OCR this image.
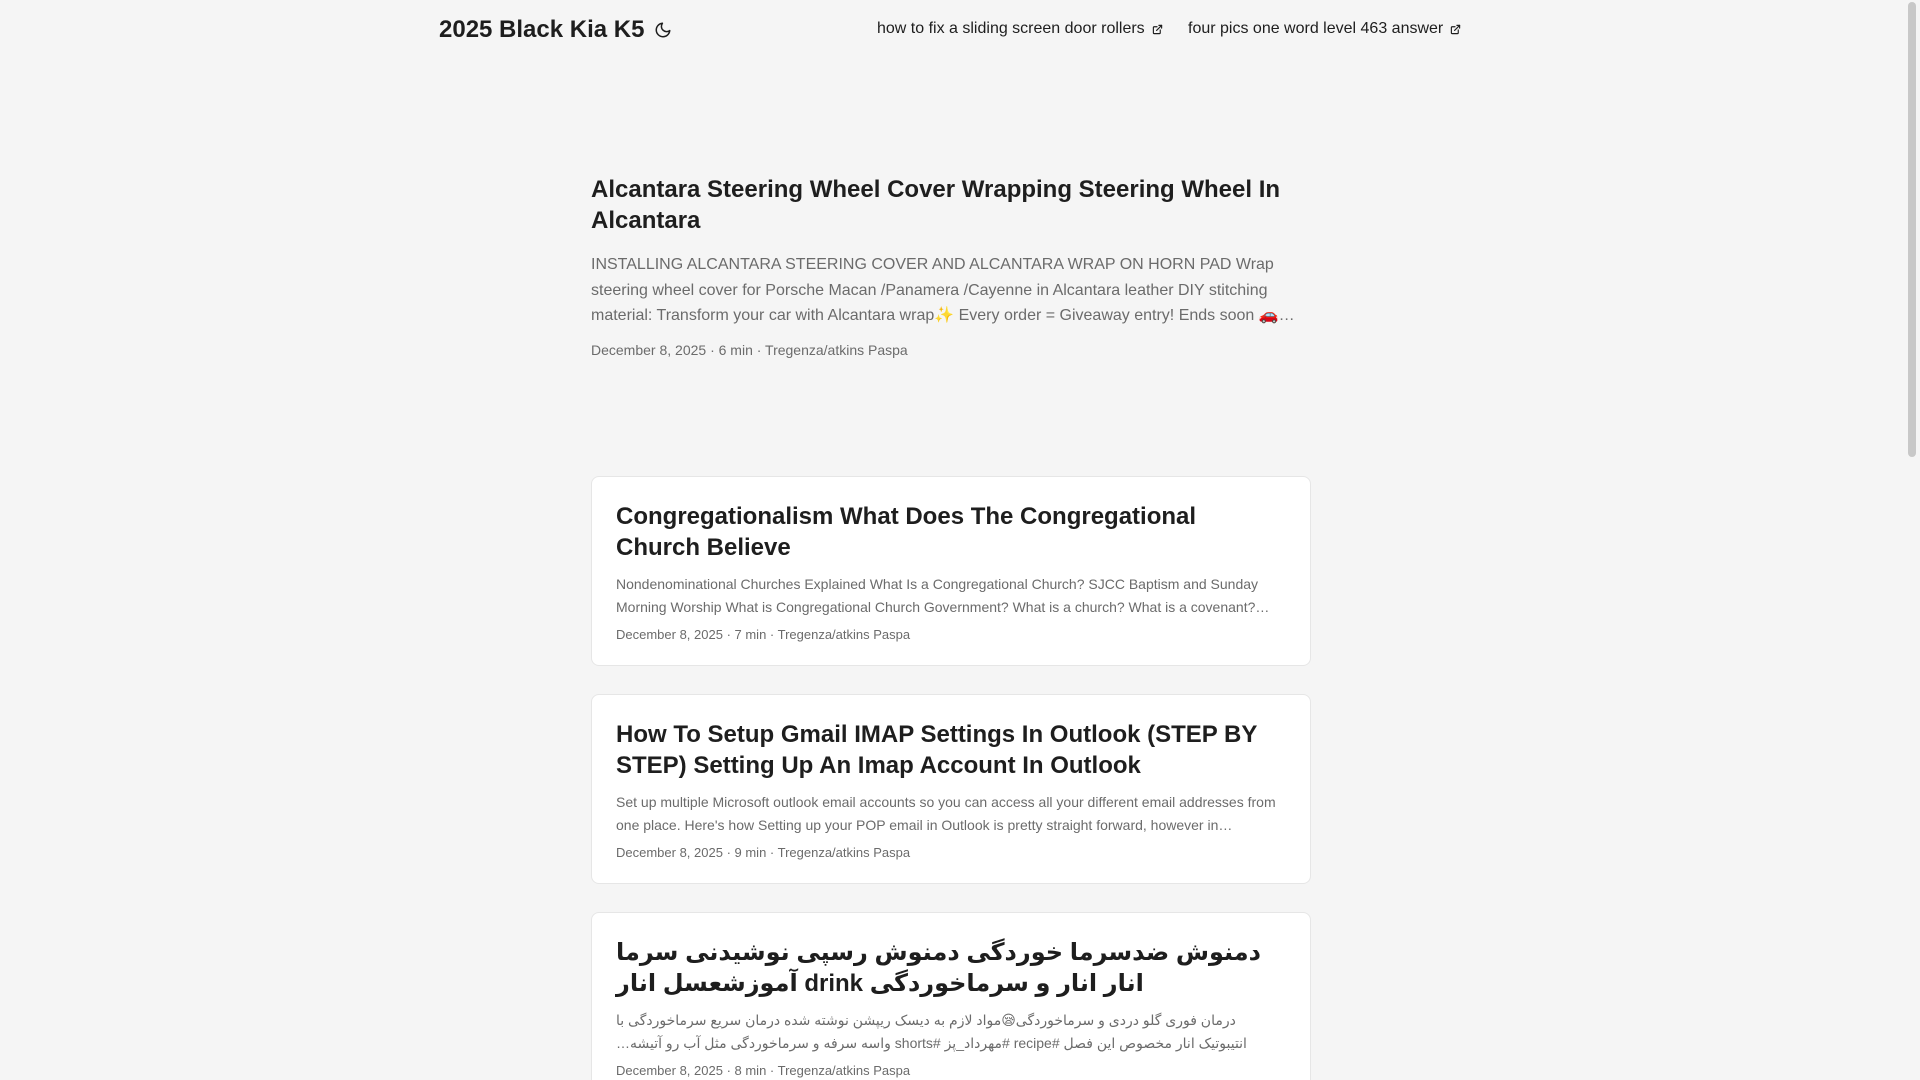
2025 Black Kia K5	how to fix a sliding screen door rollers	four pics one word level 463 answer
Alcantara Steering Wheel Cover Wrapping Steering Wheel In Alcantara

INSTALLING ALCANTARA STEERING COVER AND ALCANTARA WRAP ON HORN PAD Wrap steering wheel cover for Porsche Macan /Panamera /Cayenne in Alcantara leather DIY stitching material: Transform your car with Alcantara wrap✨ Every order = Giveaway entry! Ends soon 🚗

December 8, 2025 · 6 min · Tregenza/atkins Paspa
Congregationalism What Does The Congregational Church Believe

Nondenominational Churches Explained What Is a Congregational Church? SJCC Baptism and Sunday Morning Worship What is Congregational Church Government? What is a church? What is a covenant?…

December 8, 2025 · 7 min · Tregenza/atkins Paspa
How To Setup Gmail IMAP Settings In Outlook (STEP BY STEP) Setting Up An Imap Account In Outlook

Set up multiple Microsoft outlook email accounts so you can access all your different email addresses from one place. Here's how Setting up your POP email in Outlook is pretty straight forward, however in…

December 8, 2025 · 9 min · Tregenza/atkins Paspa
دمنوش ضدسرما خوردگی دمنوش رسپی نوشیدنی سرما انار انار و سرماخوردگی drink آموزشعسل انار

درمان فوری گلو دردی و سرماخوردگی😪مواد لازم به دیسک ریپشن نوشته شده درمان سریع سرماخوردگی با انتیبوتیک انار مخصوص این فصل #recipe #مهرداد_پز #shorts واسه سرفه و سرماخوردگی مثل آب رو آتیشه…

December 8, 2025 · 8 min · Tregenza/atkins Paspa
